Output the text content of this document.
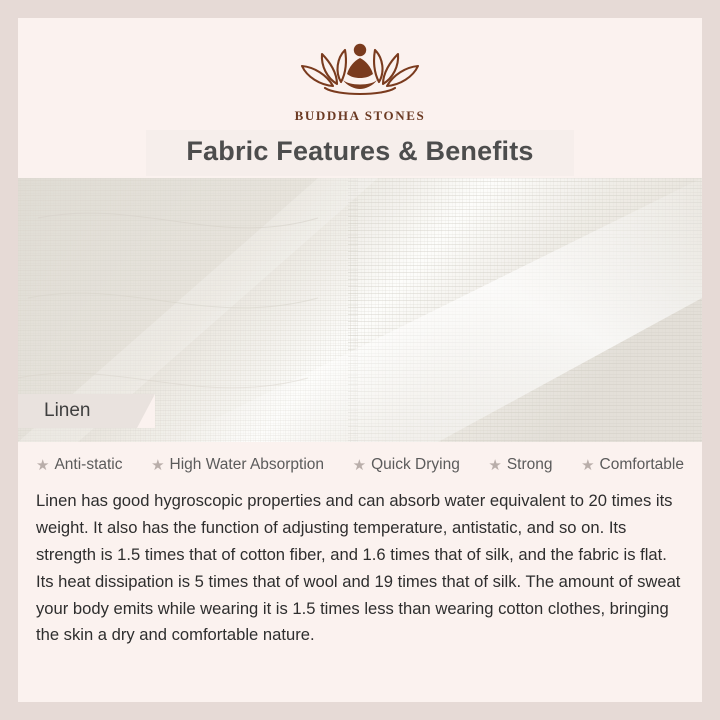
BUDDHA STONES
Fabric Features & Benefits
Linen
★ Anti-static ★ High Water Absorption ★ Quick Drying ★ Strong ★ Comfortable
Linen has good hygroscopic properties and can absorb water equivalent to 20 times its weight. It also has the function of adjusting temperature, antistatic, and so on. Its strength is 1.5 times that of cotton fiber, and 1.6 times that of silk, and the fabric is flat. Its heat dissipation is 5 times that of wool and 19 times that of silk. The amount of sweat your body emits while wearing it is 1.5 times less than wearing cotton clothes, bringing the skin a dry and comfortable nature.
